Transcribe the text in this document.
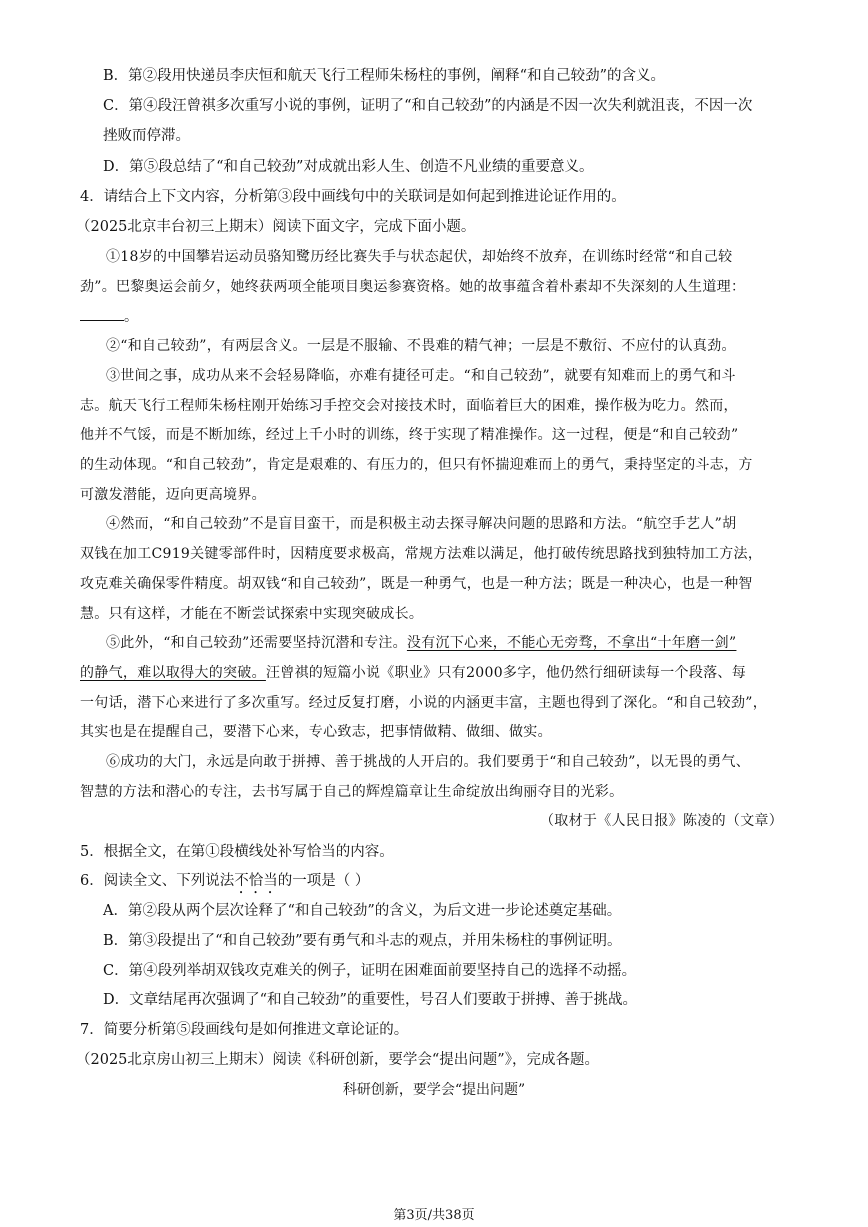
B．第②段用快递员李庆恒和航天飞行工程师朱杨柱的事例，阐释“和自己较劲”的含义。
C．第④段汪曾祺多次重写小说的事例，证明了“和自己较劲”的内涵是不因一次失利就沮丧，不因一次
挫败而停滞。
D．第⑤段总结了“和自己较劲”对成就出彩人生、创造不凡业绩的重要意义。
4．请结合上下文内容，分析第③段中画线句中的关联词是如何起到推进论证作用的。
（2025北京丰台初三上期末）阅读下面文字，完成下面小题。
①18岁的中国攀岩运动员骆知鹭历经比赛失手与状态起伏，却始终不放弃，在训练时经常“和自己较
劲”。巴黎奥运会前夕，她终获两项全能项目奥运参赛资格。她的故事蕴含着朴素却不失深刻的人生道理：
。
②“和自己较劲”，有两层含义。一层是不服输、不畏难的精气神；一层是不敷衍、不应付的认真劲。
③世间之事，成功从来不会轻易降临，亦难有捷径可走。“和自己较劲”，就要有知难而上的勇气和斗
志。航天飞行工程师朱杨柱刚开始练习手控交会对接技术时，面临着巨大的困难，操作极为吃力。然而，
他并不气馁，而是不断加练，经过上千小时的训练，终于实现了精准操作。这一过程，便是“和自己较劲”
的生动体现。“和自己较劲”，肯定是艰难的、有压力的，但只有怀揣迎难而上的勇气，秉持坚定的斗志，方
可激发潜能，迈向更高境界。
④然而，“和自己较劲”不是盲目蛮干，而是积极主动去探寻解决问题的思路和方法。“航空手艺人”胡
双钱在加工C919关键零部件时，因精度要求极高，常规方法难以满足，他打破传统思路找到独特加工方法，
攻克难关确保零件精度。胡双钱“和自己较劲”，既是一种勇气，也是一种方法；既是一种决心，也是一种智
慧。只有这样，才能在不断尝试探索中实现突破成长。
⑤此外，“和自己较劲”还需要坚持沉潜和专注。没有沉下心来，不能心无旁骛，不拿出“十年磨一剑”
的静气，难以取得大的突破。汪曾祺的短篇小说《职业》只有2000多字，他仍然行细研读每一个段落、每
一句话，潜下心来进行了多次重写。经过反复打磨，小说的内涵更丰富，主题也得到了深化。“和自己较劲”，
其实也是在提醒自己，要潜下心来，专心致志，把事情做精、做细、做实。
⑥成功的大门，永远是向敢于拼搏、善于挑战的人开启的。我们要勇于“和自己较劲”，以无畏的勇气、
智慧的方法和潜心的专注，去书写属于自己的辉煌篇章让生命绽放出绚丽夺目的光彩。
（取材于《人民日报》陈凌的（文章）
5．根据全文，在第①段横线处补写恰当的内容。
6．阅读全文、下列说法不恰当的一项是（ ）
A．第②段从两个层次诠释了“和自己较劲”的含义，为后文进一步论述奠定基础。
B．第③段提出了“和自己较劲”要有勇气和斗志的观点，并用朱杨柱的事例证明。
C．第④段列举胡双钱攻克难关的例子，证明在困难面前要坚持自己的选择不动摇。
D．文章结尾再次强调了“和自己较劲”的重要性，号召人们要敢于拼搏、善于挑战。
7．简要分析第⑤段画线句是如何推进文章论证的。
（2025北京房山初三上期末）阅读《科研创新，要学会“提出问题”》，完成各题。
科研创新，要学会“提出问题”
第3页/共38页
